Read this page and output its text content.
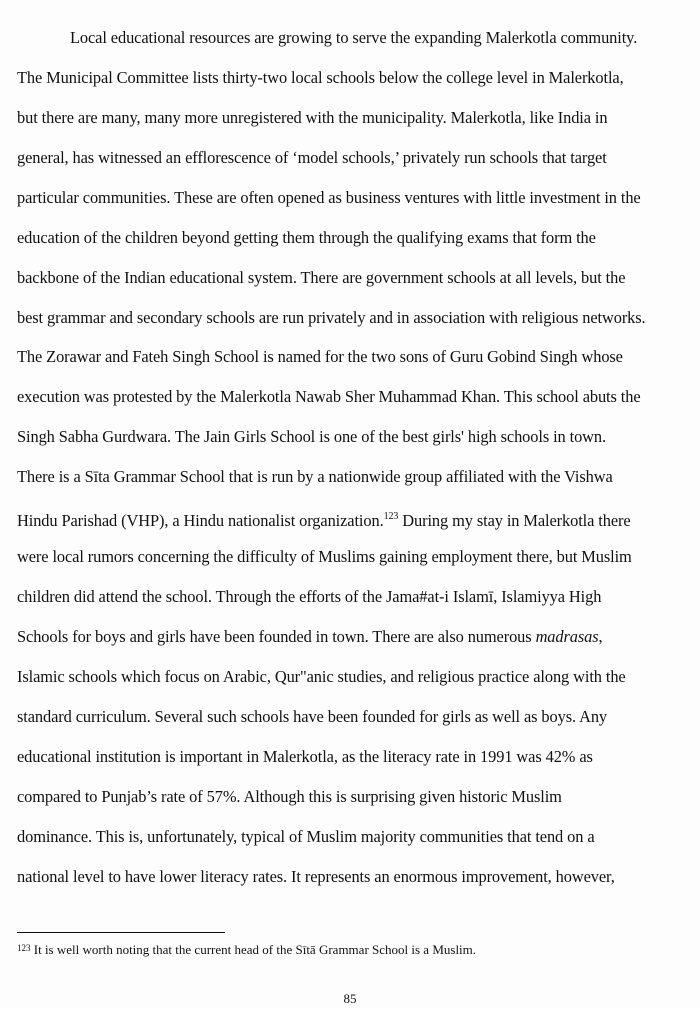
Local educational resources are growing to serve the expanding Malerkotla community.
The Municipal Committee lists thirty-two local schools below the college level in Malerkotla,
but there are many, many more unregistered with the municipality. Malerkotla, like India in
general, has witnessed an efflorescence of ‘model schools,’ privately run schools that target
particular communities. These are often opened as business ventures with little investment in the
education of the children beyond getting them through the qualifying exams that form the
backbone of the Indian educational system. There are government schools at all levels, but the
best grammar and secondary schools are run privately and in association with religious networks.
The Zorawar and Fateh Singh School is named for the two sons of Guru Gobind Singh whose
execution was protested by the Malerkotla Nawab Sher Muhammad Khan. This school abuts the
Singh Sabha Gurdwara. The Jain Girls School is one of the best girls' high schools in town.
There is a Sīta Grammar School that is run by a nationwide group affiliated with the Vishwa
Hindu Parishad (VHP), a Hindu nationalist organization.$^{123}$ During my stay in Malerkotla there
were local rumors concerning the difficulty of Muslims gaining employment there, but Muslim
children did attend the school. Through the efforts of the Jama#at-i Islamī, Islamiyya High
Schools for boys and girls have been founded in town. There are also numerous madrasas,
Islamic schools which focus on Arabic, Qur"anic studies, and religious practice along with the
standard curriculum. Several such schools have been founded for girls as well as boys. Any
educational institution is important in Malerkotla, as the literacy rate in 1991 was 42% as
compared to Punjab’s rate of 57%. Although this is surprising given historic Muslim
dominance. This is, unfortunately, typical of Muslim majority communities that tend on a
national level to have lower literacy rates. It represents an enormous improvement, however,
$^{123}$ It is well worth noting that the current head of the Sītā Grammar School is a Muslim.
85
